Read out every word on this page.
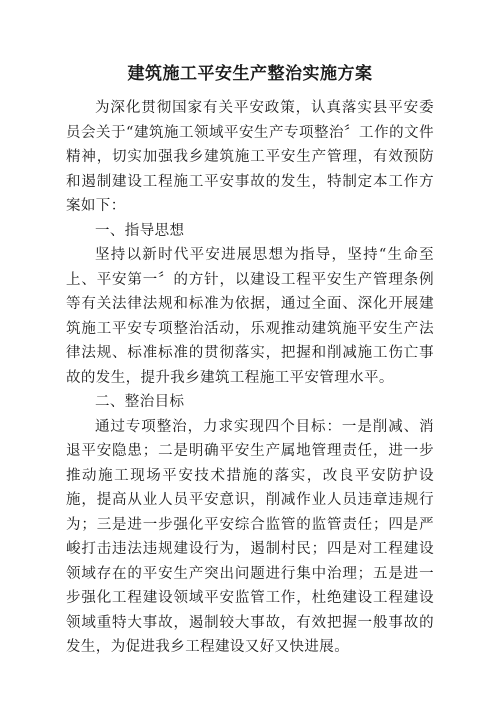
建筑施工平安生产整治实施方案

为深化贯彻国家有关平安政策，认真落实县平安委员会关于“建筑施工领域平安生产专项整治〞工作的文件精神，切实加强我乡建筑施工平安生产管理，有效预防和遏制建设工程施工平安事故的发生，特制定本工作方案如下：

一、指导思想

坚持以新时代平安进展思想为指导，坚持“生命至上、平安第一〞的方针，以建设工程平安生产管理条例等有关法律法规和标准为依据，通过全面、深化开展建筑施工平安专项整治活动，乐观推动建筑施平安生产法律法规、标准标准的贯彻落实，把握和削减施工伤亡事故的发生，提升我乡建筑工程施工平安管理水平。

二、整治目标

通过专项整治，力求实现四个目标：一是削减、消退平安隐患；二是明确平安生产属地管理责任，进一步推动施工现场平安技术措施的落实，改良平安防护设施，提高从业人员平安意识，削减作业人员违章违规行为；三是进一步强化平安综合监管的监管责任；四是严峻打击违法违规建设行为，遏制村民；四是对工程建设领域存在的平安生产突出问题进行集中治理；五是进一步强化工程建设领域平安监管工作，杜绝建设工程建设领域重特大事故，遏制较大事故，有效把握一般事故的发生，为促进我乡工程建设又好又快进展。
